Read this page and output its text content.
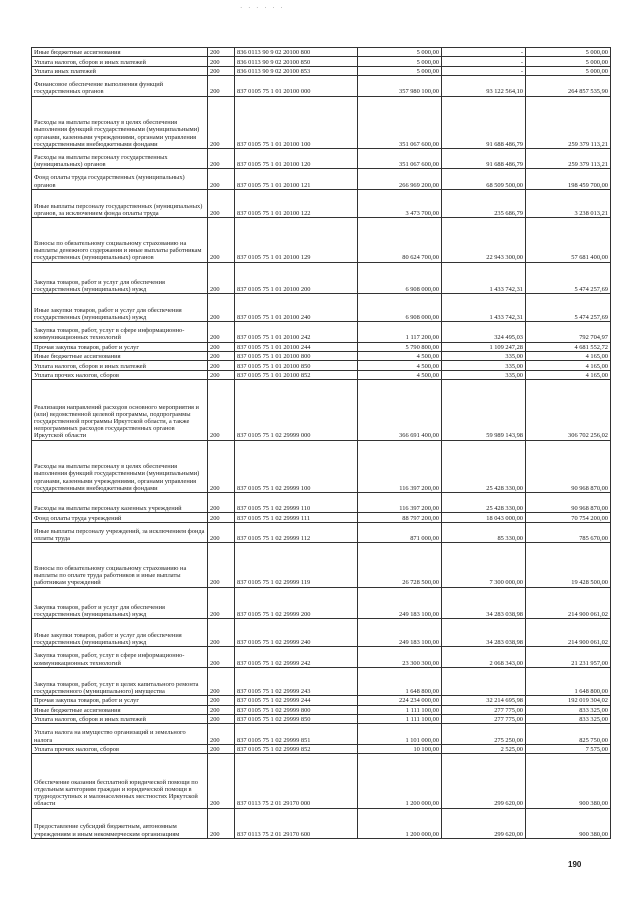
· · · · · ·
Иные бюджетные ассигнования	200	836 0113 90 9 02 20100 800	5 000,00	-	5 000,00
Уплата налогов, сборов и иных платежей	200	836 0113 90 9 02 20100 850	5 000,00	-	5 000,00
Уплата иных платежей	200	836 0113 90 9 02 20100 853	5 000,00	-	5 000,00
Финансовое обеспечение выполнения функций государственных органов	200	837 0105 75 1 01 20100 000	357 980 100,00	93 122 564,10	264 857 535,90
Расходы на выплаты персоналу в целях обеспечения выполнения функций государственными (муниципальными) органами, казенными учреждениями, органами управления государственными внебюджетными фондами	200	837 0105 75 1 01 20100 100	351 067 600,00	91 688 486,79	259 379 113,21
Расходы на выплаты персоналу государственных (муниципальных) органов	200	837 0105 75 1 01 20100 120	351 067 600,00	91 688 486,79	259 379 113,21
Фонд оплаты труда государственных (муниципальных) органов	200	837 0105 75 1 01 20100 121	266 969 200,00	68 509 500,00	198 459 700,00
Иные выплаты персоналу государственных (муниципальных) органов, за исключением фонда оплаты труда	200	837 0105 75 1 01 20100 122	3 473 700,00	235 686,79	3 238 013,21
Взносы по обязательному социальному страхованию на выплаты денежного содержания и иные выплаты работникам государственных (муниципальных) органов	200	837 0105 75 1 01 20100 129	80 624 700,00	22 943 300,00	57 681 400,00
Закупка товаров, работ и услуг для обеспечения государственных (муниципальных) нужд	200	837 0105 75 1 01 20100 200	6 908 000,00	1 433 742,31	5 474 257,69
Иные закупки товаров, работ и услуг для обеспечения государственных (муниципальных) нужд	200	837 0105 75 1 01 20100 240	6 908 000,00	1 433 742,31	5 474 257,69
Закупка товаров, работ, услуг в сфере информационно-коммуникационных технологий	200	837 0105 75 1 01 20100 242	1 117 200,00	324 495,03	792 704,97
Прочая закупка товаров, работ и услуг	200	837 0105 75 1 01 20100 244	5 790 800,00	1 109 247,28	4 681 552,72
Иные бюджетные ассигнования	200	837 0105 75 1 01 20100 800	4 500,00	335,00	4 165,00
Уплата налогов, сборов и иных платежей	200	837 0105 75 1 01 20100 850	4 500,00	335,00	4 165,00
Уплата прочих налогов, сборов	200	837 0105 75 1 01 20100 852	4 500,00	335,00	4 165,00
Реализация направлений расходов основного мероприятия и (или) ведомственной целевой программы, подпрограммы государственной программы Иркутской области, а также непрограммных расходов государственных органов Иркутской области	200	837 0105 75 1 02 29999 000	366 691 400,00	59 989 143,98	306 702 256,02
Расходы на выплаты персоналу в целях обеспечения выполнения функций государственными (муниципальными) органами, казенными учреждениями, органами управления государственными внебюджетными фондами	200	837 0105 75 1 02 29999 100	116 397 200,00	25 428 330,00	90 968 870,00
Расходы на выплаты персоналу казенных учреждений	200	837 0105 75 1 02 29999 110	116 397 200,00	25 428 330,00	90 968 870,00
Фонд оплаты труда учреждений	200	837 0105 75 1 02 29999 111	88 797 200,00	18 043 000,00	70 754 200,00
Иные выплаты персоналу учреждений, за исключением фонда оплаты труда	200	837 0105 75 1 02 29999 112	871 000,00	85 330,00	785 670,00
Взносы по обязательному социальному страхованию на выплаты по оплате труда работников и иные выплаты работникам учреждений	200	837 0105 75 1 02 29999 119	26 728 500,00	7 300 000,00	19 428 500,00
Закупка товаров, работ и услуг для обеспечения государственных (муниципальных) нужд	200	837 0105 75 1 02 29999 200	249 183 100,00	34 283 038,98	214 900 061,02
Иные закупки товаров, работ и услуг для обеспечения государственных (муниципальных) нужд	200	837 0105 75 1 02 29999 240	249 183 100,00	34 283 038,98	214 900 061,02
Закупка товаров, работ, услуг в сфере информационно-коммуникационных технологий	200	837 0105 75 1 02 29999 242	23 300 300,00	2 068 343,00	21 231 957,00
Закупка товаров, работ, услуг в целях капитального ремонта государственного (муниципального) имущества	200	837 0105 75 1 02 29999 243	1 648 800,00		1 648 800,00
Прочая закупка товаров, работ и услуг	200	837 0105 75 1 02 29999 244	224 234 000,00	32 214 695,98	192 019 304,02
Иные бюджетные ассигнования	200	837 0105 75 1 02 29999 800	1 111 100,00	277 775,00	833 325,00
Уплата налогов, сборов и иных платежей	200	837 0105 75 1 02 29999 850	1 111 100,00	277 775,00	833 325,00
Уплата налога на имущество организаций и земельного налога	200	837 0105 75 1 02 29999 851	1 101 000,00	275 250,00	825 750,00
Уплата прочих налогов, сборов	200	837 0105 75 1 02 29999 852	10 100,00	2 525,00	7 575,00
Обеспечение оказания бесплатной юридической помощи по отдельным категориям граждан и юридической помощи в труднодоступных и малонаселенных местностях Иркутской области	200	837 0113 75 2 01 29170 000	1 200 000,00	299 620,00	900 380,00
Предоставление субсидий бюджетным, автономным учреждениям и иным некоммерческим организациям	200	837 0113 75 2 01 29170 600	1 200 000,00	299 620,00	900 380,00
190
